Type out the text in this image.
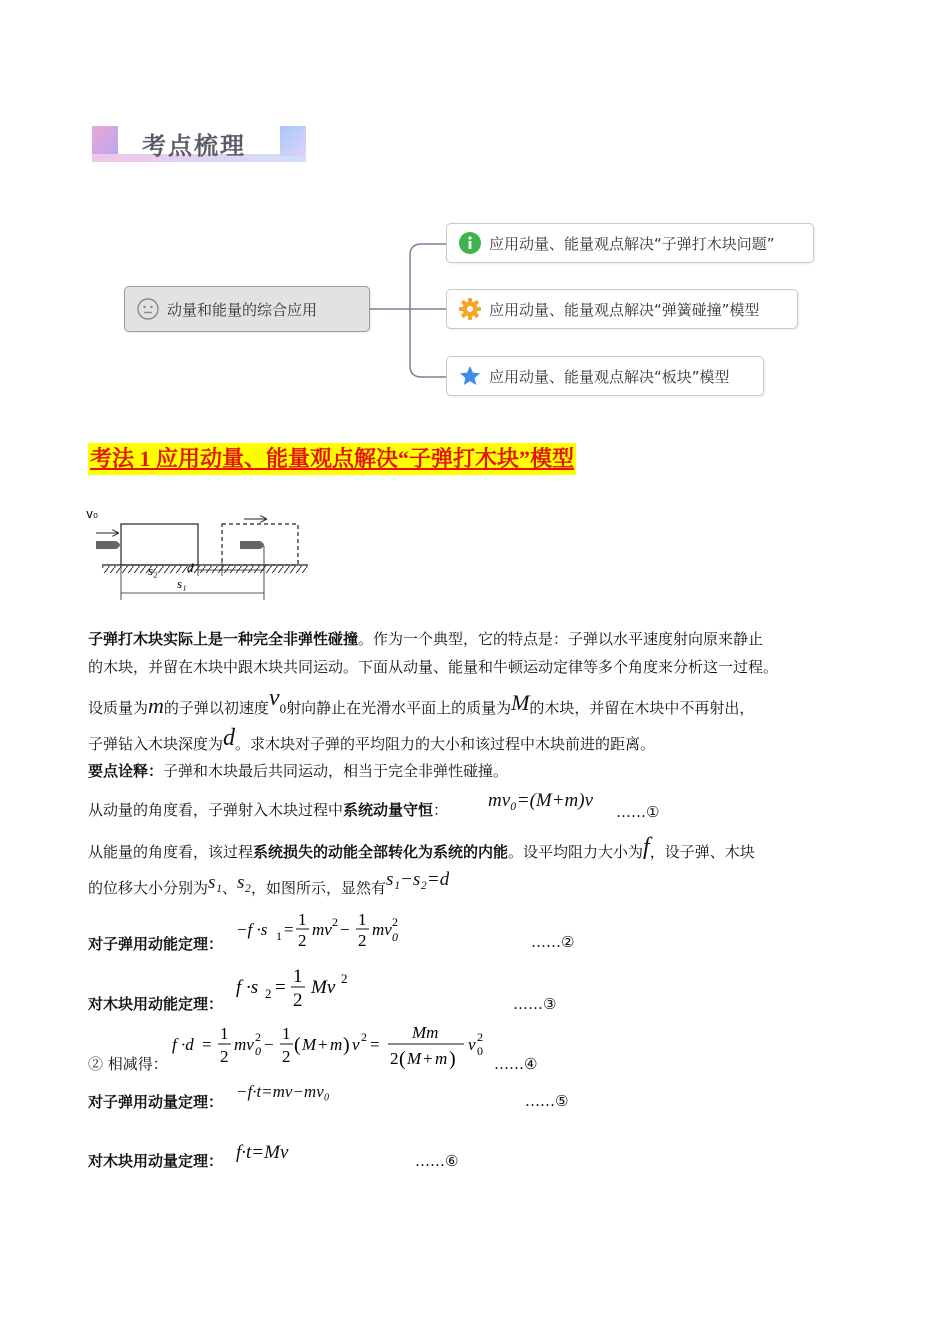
考点梳理
动量和能量的综合应用
应用动量、能量观点解决“子弹打木块问题”
应用动量、能量观点解决“弹簧碰撞”模型
应用动量、能量观点解决“板块”模型
考法 1 应用动量、能量观点解决“子弹打木块”模型
v₀
s₂ d
s₁
子弹打木块实际上是一种完全非弹性碰撞。作为一个典型，它的特点是：子弹以水平速度射向原来静止
的木块，并留在木块中跟木块共同运动。下面从动量、能量和牛顿运动定律等多个角度来分析这一过程。
设质量为m的子弹以初速度v0射向静止在光滑水平面上的质量为M的木块，并留在木块中不再射出，
子弹钻入木块深度为d。求木块对子弹的平均阻力的大小和该过程中木块前进的距离。
要点诠释：子弹和木块最后共同运动，相当于完全非弹性碰撞。
从动量的角度看，子弹射入木块过程中系统动量守恒： mv₀=(M+m)v
……①
从能量的角度看，该过程系统损失的动能全部转化为系统的内能。设平均阻力大小为f，设子弹、木块
的位移大小分别为s₁、s₂，如图所示，显然有s₁−s₂=d
对子弹用动能定理：
−f ·s 1 =
1
2
mv 2 −
1
2
mv 2
0	……②
对木块用动能定理：
f ·s 2 =
1
2
Mv 2
……③
② 相减得：
f ·d =
1
2
mv 2
0 −
1
2
( M + m ) v 2 =
Mm
2 ( M + m )
v 2
0
……④
对子弹用动量定理：
−f·t=mv−mv₀	……⑤
对木块用动量定理： f·t=Mv	……⑥
